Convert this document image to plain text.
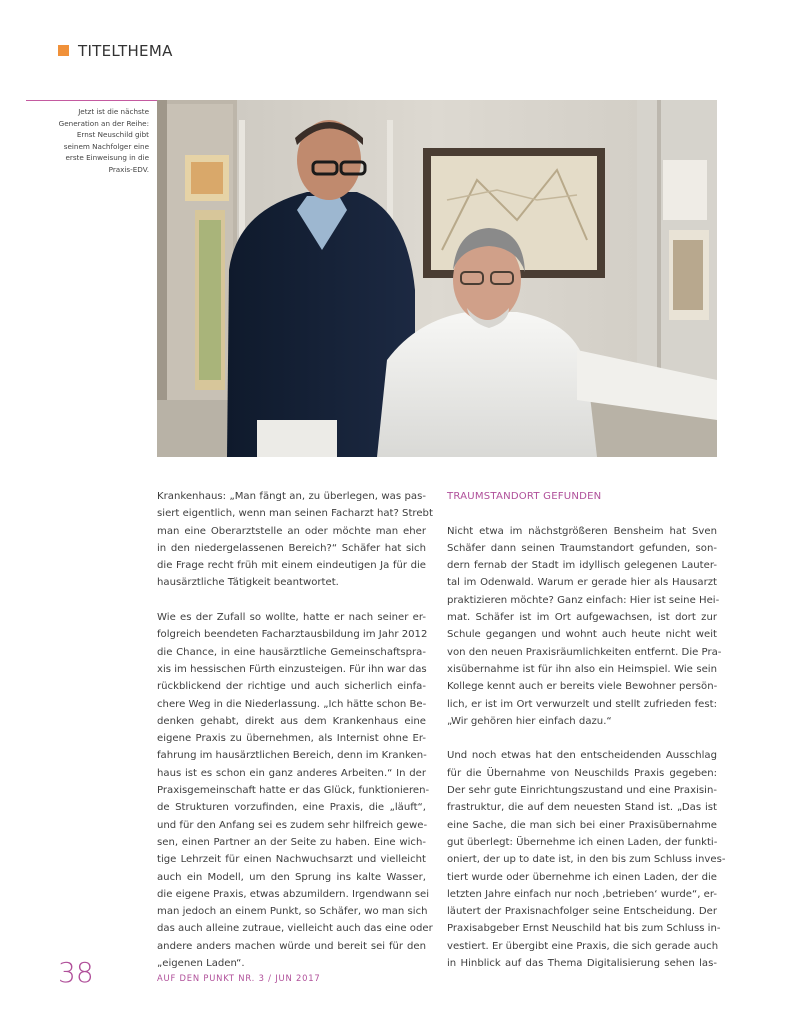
TITELTHEMA
Jetzt ist die nächste
Generation an der Reihe:
Ernst Neuschild gibt
seinem Nachfolger eine
erste Einweisung in die
Praxis-EDV.
Krankenhaus: „Man fängt an, zu überlegen, was pas-
siert eigentlich, wenn man seinen Facharzt hat? Strebt
man eine Oberarztstelle an oder möchte man eher
in den niedergelassenen Bereich?“ Schäfer hat sich
die Frage recht früh mit einem eindeutigen Ja für die
hausärztliche Tätigkeit beantwortet.
Wie es der Zufall so wollte, hatte er nach seiner er-
folgreich beendeten Facharztausbildung im Jahr 2012
die Chance, in eine hausärztliche Gemeinschaftspra-
xis im hessischen Fürth einzusteigen. Für ihn war das
rückblickend der richtige und auch sicherlich einfa-
chere Weg in die Niederlassung. „Ich hätte schon Be-
denken gehabt, direkt aus dem Krankenhaus eine
eigene Praxis zu übernehmen, als Internist ohne Er-
fahrung im hausärztlichen Bereich, denn im Kranken-
haus ist es schon ein ganz anderes Arbeiten.“ In der
Praxisgemeinschaft hatte er das Glück, funktionieren-
de Strukturen vorzufinden, eine Praxis, die „läuft“,
und für den Anfang sei es zudem sehr hilfreich gewe-
sen, einen Partner an der Seite zu haben. Eine wich-
tige Lehrzeit für einen Nachwuchsarzt und vielleicht
auch ein Modell, um den Sprung ins kalte Wasser,
die eigene Praxis, etwas abzumildern. Irgendwann sei
man jedoch an einem Punkt, so Schäfer, wo man sich
das auch alleine zutraue, vielleicht auch das eine oder
andere anders machen würde und bereit sei für den
„eigenen Laden“.
TRAUMSTANDORT GEFUNDEN
Nicht etwa im nächstgrößeren Bensheim hat Sven
Schäfer dann seinen Traumstandort gefunden, son-
dern fernab der Stadt im idyllisch gelegenen Lauter-
tal im Odenwald. Warum er gerade hier als Hausarzt
praktizieren möchte? Ganz einfach: Hier ist seine Hei-
mat. Schäfer ist im Ort aufgewachsen, ist dort zur
Schule gegangen und wohnt auch heute nicht weit
von den neuen Praxisräumlichkeiten entfernt. Die Pra-
xisübernahme ist für ihn also ein Heimspiel. Wie sein
Kollege kennt auch er bereits viele Bewohner persön-
lich, er ist im Ort verwurzelt und stellt zufrieden fest:
„Wir gehören hier einfach dazu.“
Und noch etwas hat den entscheidenden Ausschlag
für die Übernahme von Neuschilds Praxis gegeben:
Der sehr gute Einrichtungszustand und eine Praxisin-
frastruktur, die auf dem neuesten Stand ist. „Das ist
eine Sache, die man sich bei einer Praxisübernahme
gut überlegt: Übernehme ich einen Laden, der funkti-
oniert, der up to date ist, in den bis zum Schluss inves-
tiert wurde oder übernehme ich einen Laden, der die
letzten Jahre einfach nur noch ‚betrieben‘ wurde“, er-
läutert der Praxisnachfolger seine Entscheidung. Der
Praxisabgeber Ernst Neuschild hat bis zum Schluss in-
vestiert. Er übergibt eine Praxis, die sich gerade auch
in Hinblick auf das Thema Digitalisierung sehen las-
38	AUF DEN PUNKT NR. 3 / JUN 2017
